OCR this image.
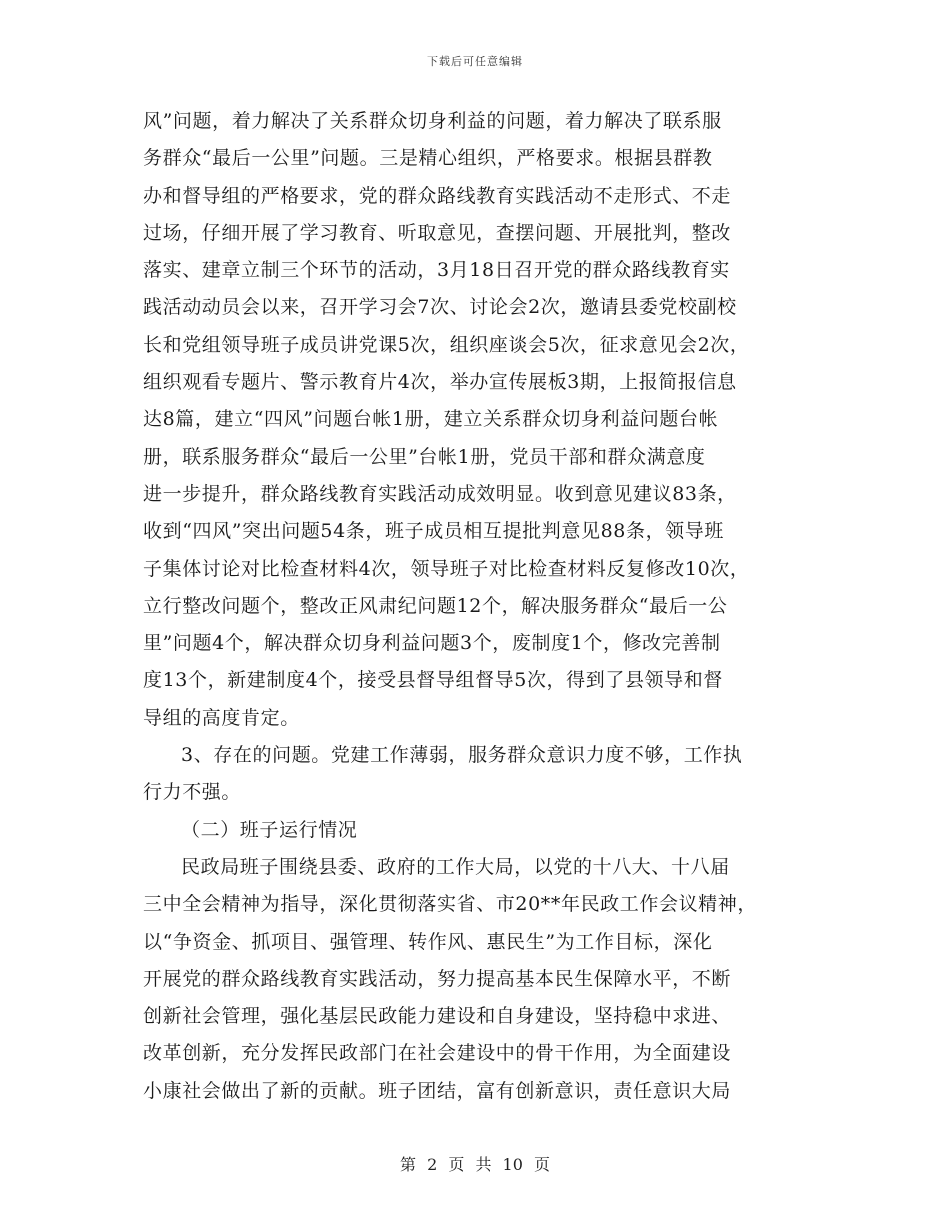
下载后可任意编辑
风”问题，着力解决了关系群众切身利益的问题，着力解决了联系服
务群众“最后一公里”问题。三是精心组织，严格要求。根据县群教
办和督导组的严格要求，党的群众路线教育实践活动不走形式、不走
过场，仔细开展了学习教育、听取意见，查摆问题、开展批判，整改
落实、建章立制三个环节的活动，3月18日召开党的群众路线教育实
践活动动员会以来，召开学习会7次、讨论会2次，邀请县委党校副校
长和党组领导班子成员讲党课5次，组织座谈会5次，征求意见会2次，
组织观看专题片、警示教育片4次，举办宣传展板3期，上报简报信息
达8篇，建立“四风”问题台帐1册，建立关系群众切身利益问题台帐
册，联系服务群众“最后一公里”台帐1册，党员干部和群众满意度
进一步提升，群众路线教育实践活动成效明显。收到意见建议83条，
收到“四风”突出问题54条，班子成员相互提批判意见88条，领导班
子集体讨论对比检查材料4次，领导班子对比检查材料反复修改10次，
立行整改问题个，整改正风肃纪问题12个，解决服务群众“最后一公
里”问题4个，解决群众切身利益问题3个，废制度1个，修改完善制
度13个，新建制度4个，接受县督导组督导5次，得到了县领导和督
导组的高度肯定。
3、存在的问题。党建工作薄弱，服务群众意识力度不够，工作执
行力不强。
（二）班子运行情况
民政局班子围绕县委、政府的工作大局，以党的十八大、十八届
三中全会精神为指导，深化贯彻落实省、市20**年民政工作会议精神，
以“争资金、抓项目、强管理、转作风、惠民生”为工作目标，深化
开展党的群众路线教育实践活动，努力提高基本民生保障水平，不断
创新社会管理，强化基层民政能力建设和自身建设，坚持稳中求进、
改革创新，充分发挥民政部门在社会建设中的骨干作用，为全面建设
小康社会做出了新的贡献。班子团结，富有创新意识，责任意识大局
第 2 页 共 10 页
